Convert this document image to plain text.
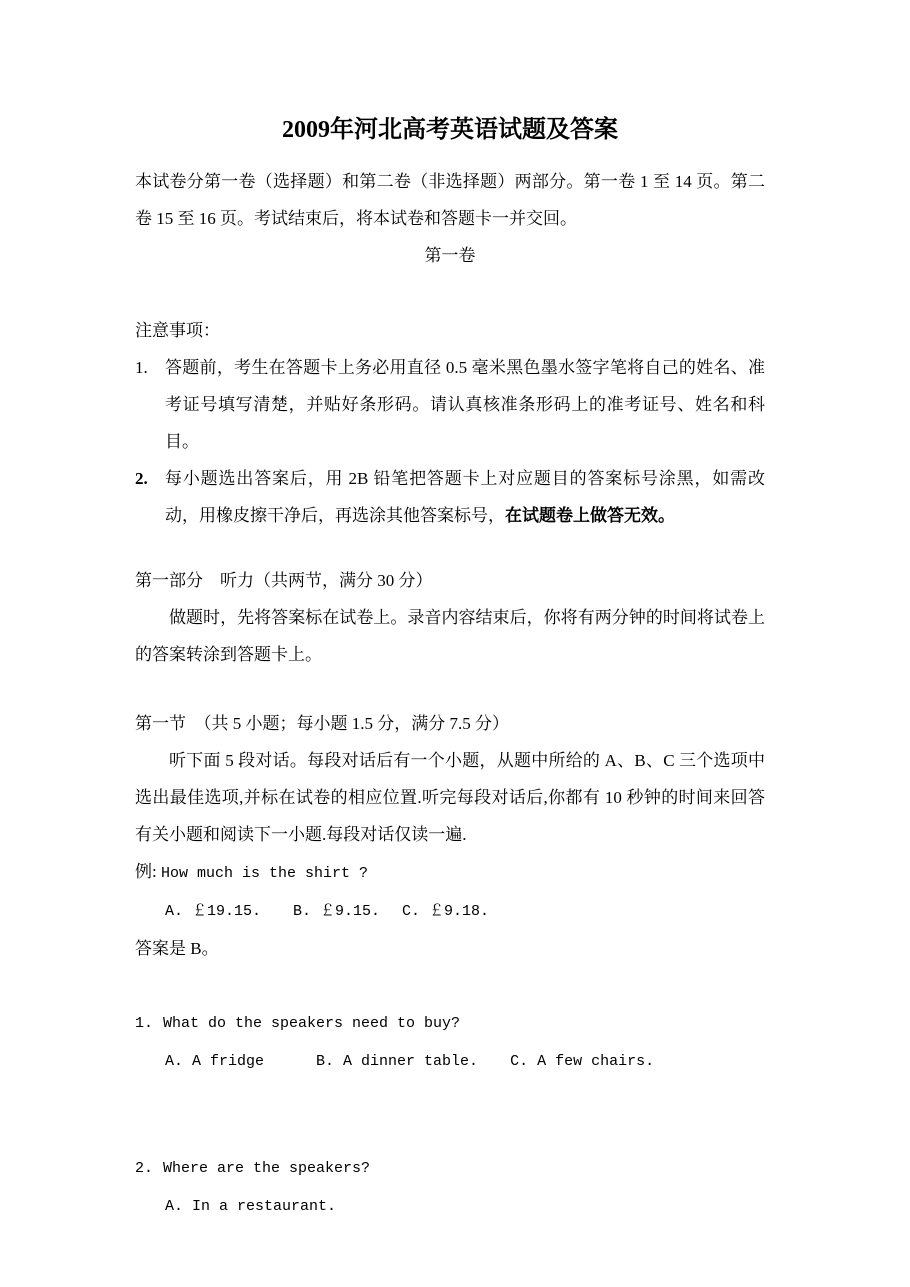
2009年河北高考英语试题及答案

本试卷分第一卷（选择题）和第二卷（非选择题）两部分。第一卷 1 至 14 页。第二卷 15 至 16 页。考试结束后，将本试卷和答题卡一并交回。

第一卷
注意事项：
1.	答题前，考生在答题卡上务必用直径 0.5 毫米黑色墨水签字笔将自己的姓名、准考证号填写清楚，并贴好条形码。请认真核准条形码上的准考证号、姓名和科目。
2.	每小题选出答案后，用 2B 铅笔把答题卡上对应题目的答案标号涂黑，如需改动，用橡皮擦干净后，再选涂其他答案标号，在试题卷上做答无效。
第一部分　听力（共两节，满分 30 分）

做题时，先将答案标在试卷上。录音内容结束后，你将有两分钟的时间将试卷上的答案转涂到答题卡上。

第一节　（共 5 小题；每小题 1.5 分，满分 7.5 分）

听下面 5 段对话。每段对话后有一个小题，从题中所给的 A、B、C 三个选项中选出最佳选项,并标在试卷的相应位置.听完每段对话后,你都有 10 秒钟的时间来回答有关小题和阅读下一小题.每段对话仅读一遍.

例: How much is the shirt ?
A. ￡19.15. B. ￡9.15. C. ￡9.18.
答案是 B。
1. What do the speakers need to buy?
A. A fridge	B. A dinner table. C. A few chairs.
2. Where are the speakers?
A. In a restaurant.
